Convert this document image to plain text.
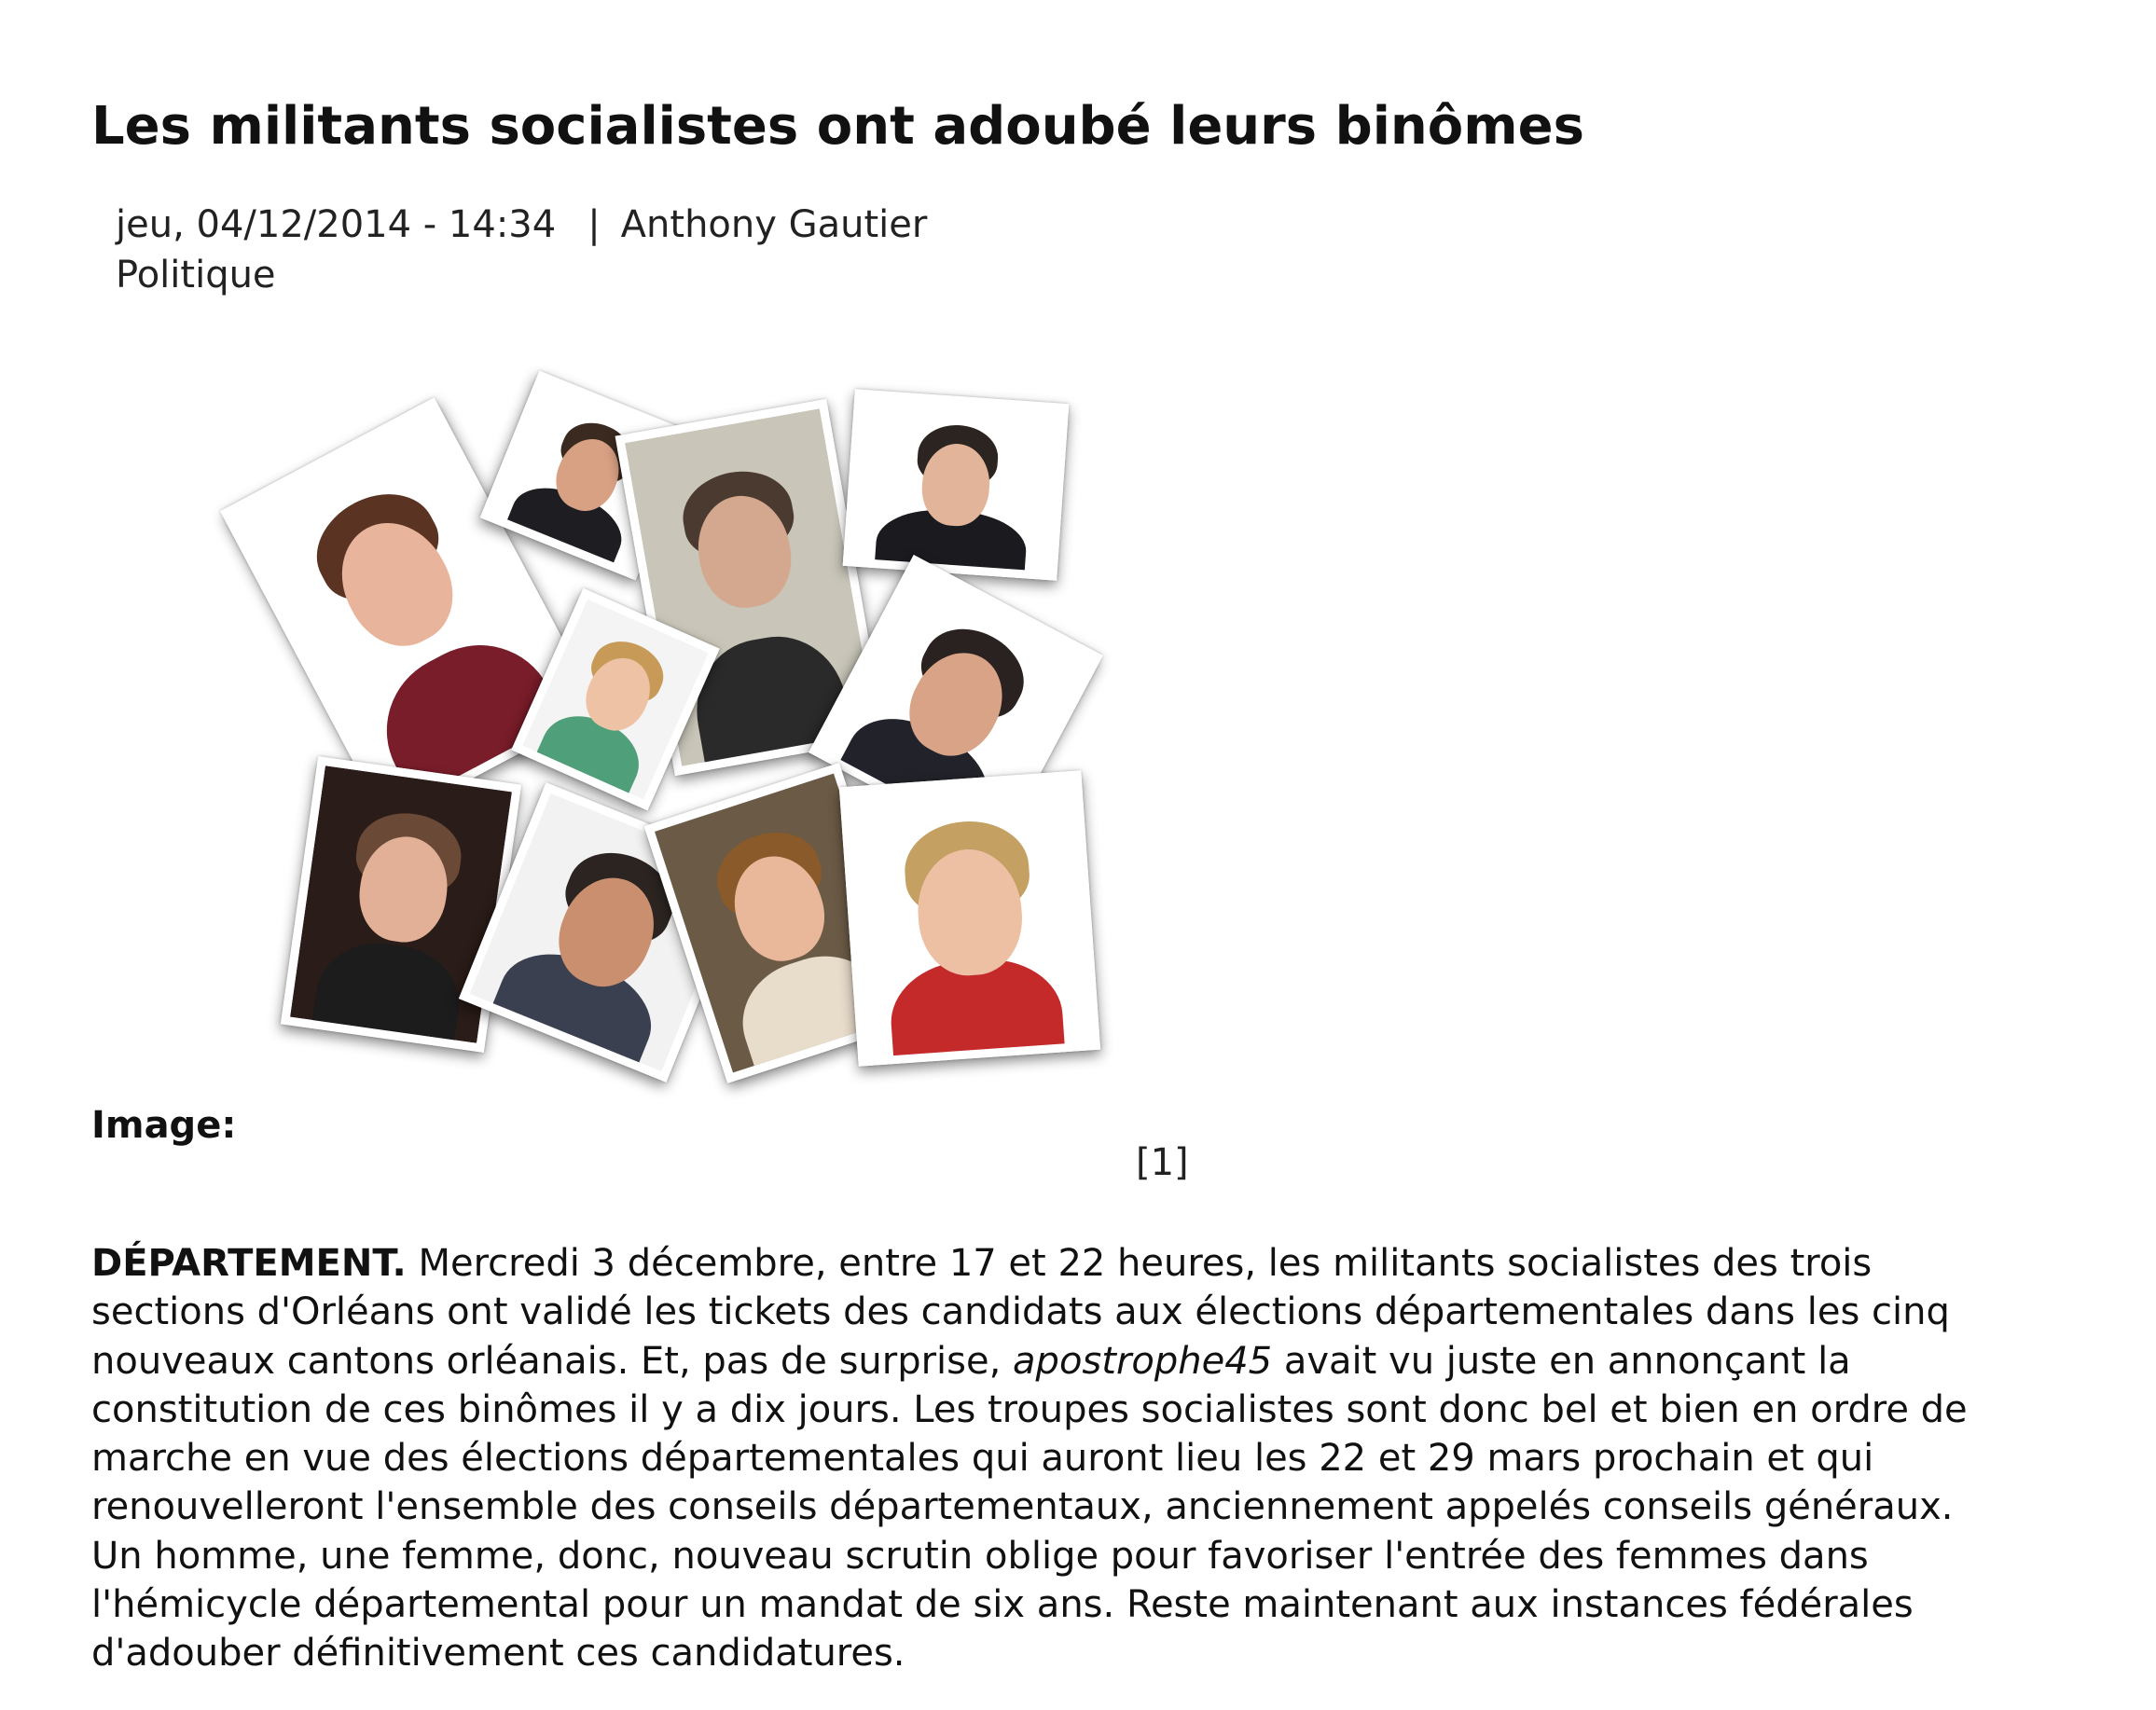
Les militants socialistes ont adoubé leurs binômes
jeu, 04/12/2014 - 14:34 | Anthony Gautier
Politique
Image:
[1]

DÉPARTEMENT. Mercredi 3 décembre, entre 17 et 22 heures, les militants socialistes des trois
sections d'Orléans ont validé les tickets des candidats aux élections départementales dans les cinq
nouveaux cantons orléanais. Et, pas de surprise, apostrophe45 avait vu juste en annonçant la
constitution de ces binômes il y a dix jours. Les troupes socialistes sont donc bel et bien en ordre de
marche en vue des élections départementales qui auront lieu les 22 et 29 mars prochain et qui
renouvelleront l'ensemble des conseils départementaux, anciennement appelés conseils généraux.
Un homme, une femme, donc, nouveau scrutin oblige pour favoriser l'entrée des femmes dans
l'hémicycle départemental pour un mandat de six ans. Reste maintenant aux instances fédérales
d'adouber définitivement ces candidatures.
